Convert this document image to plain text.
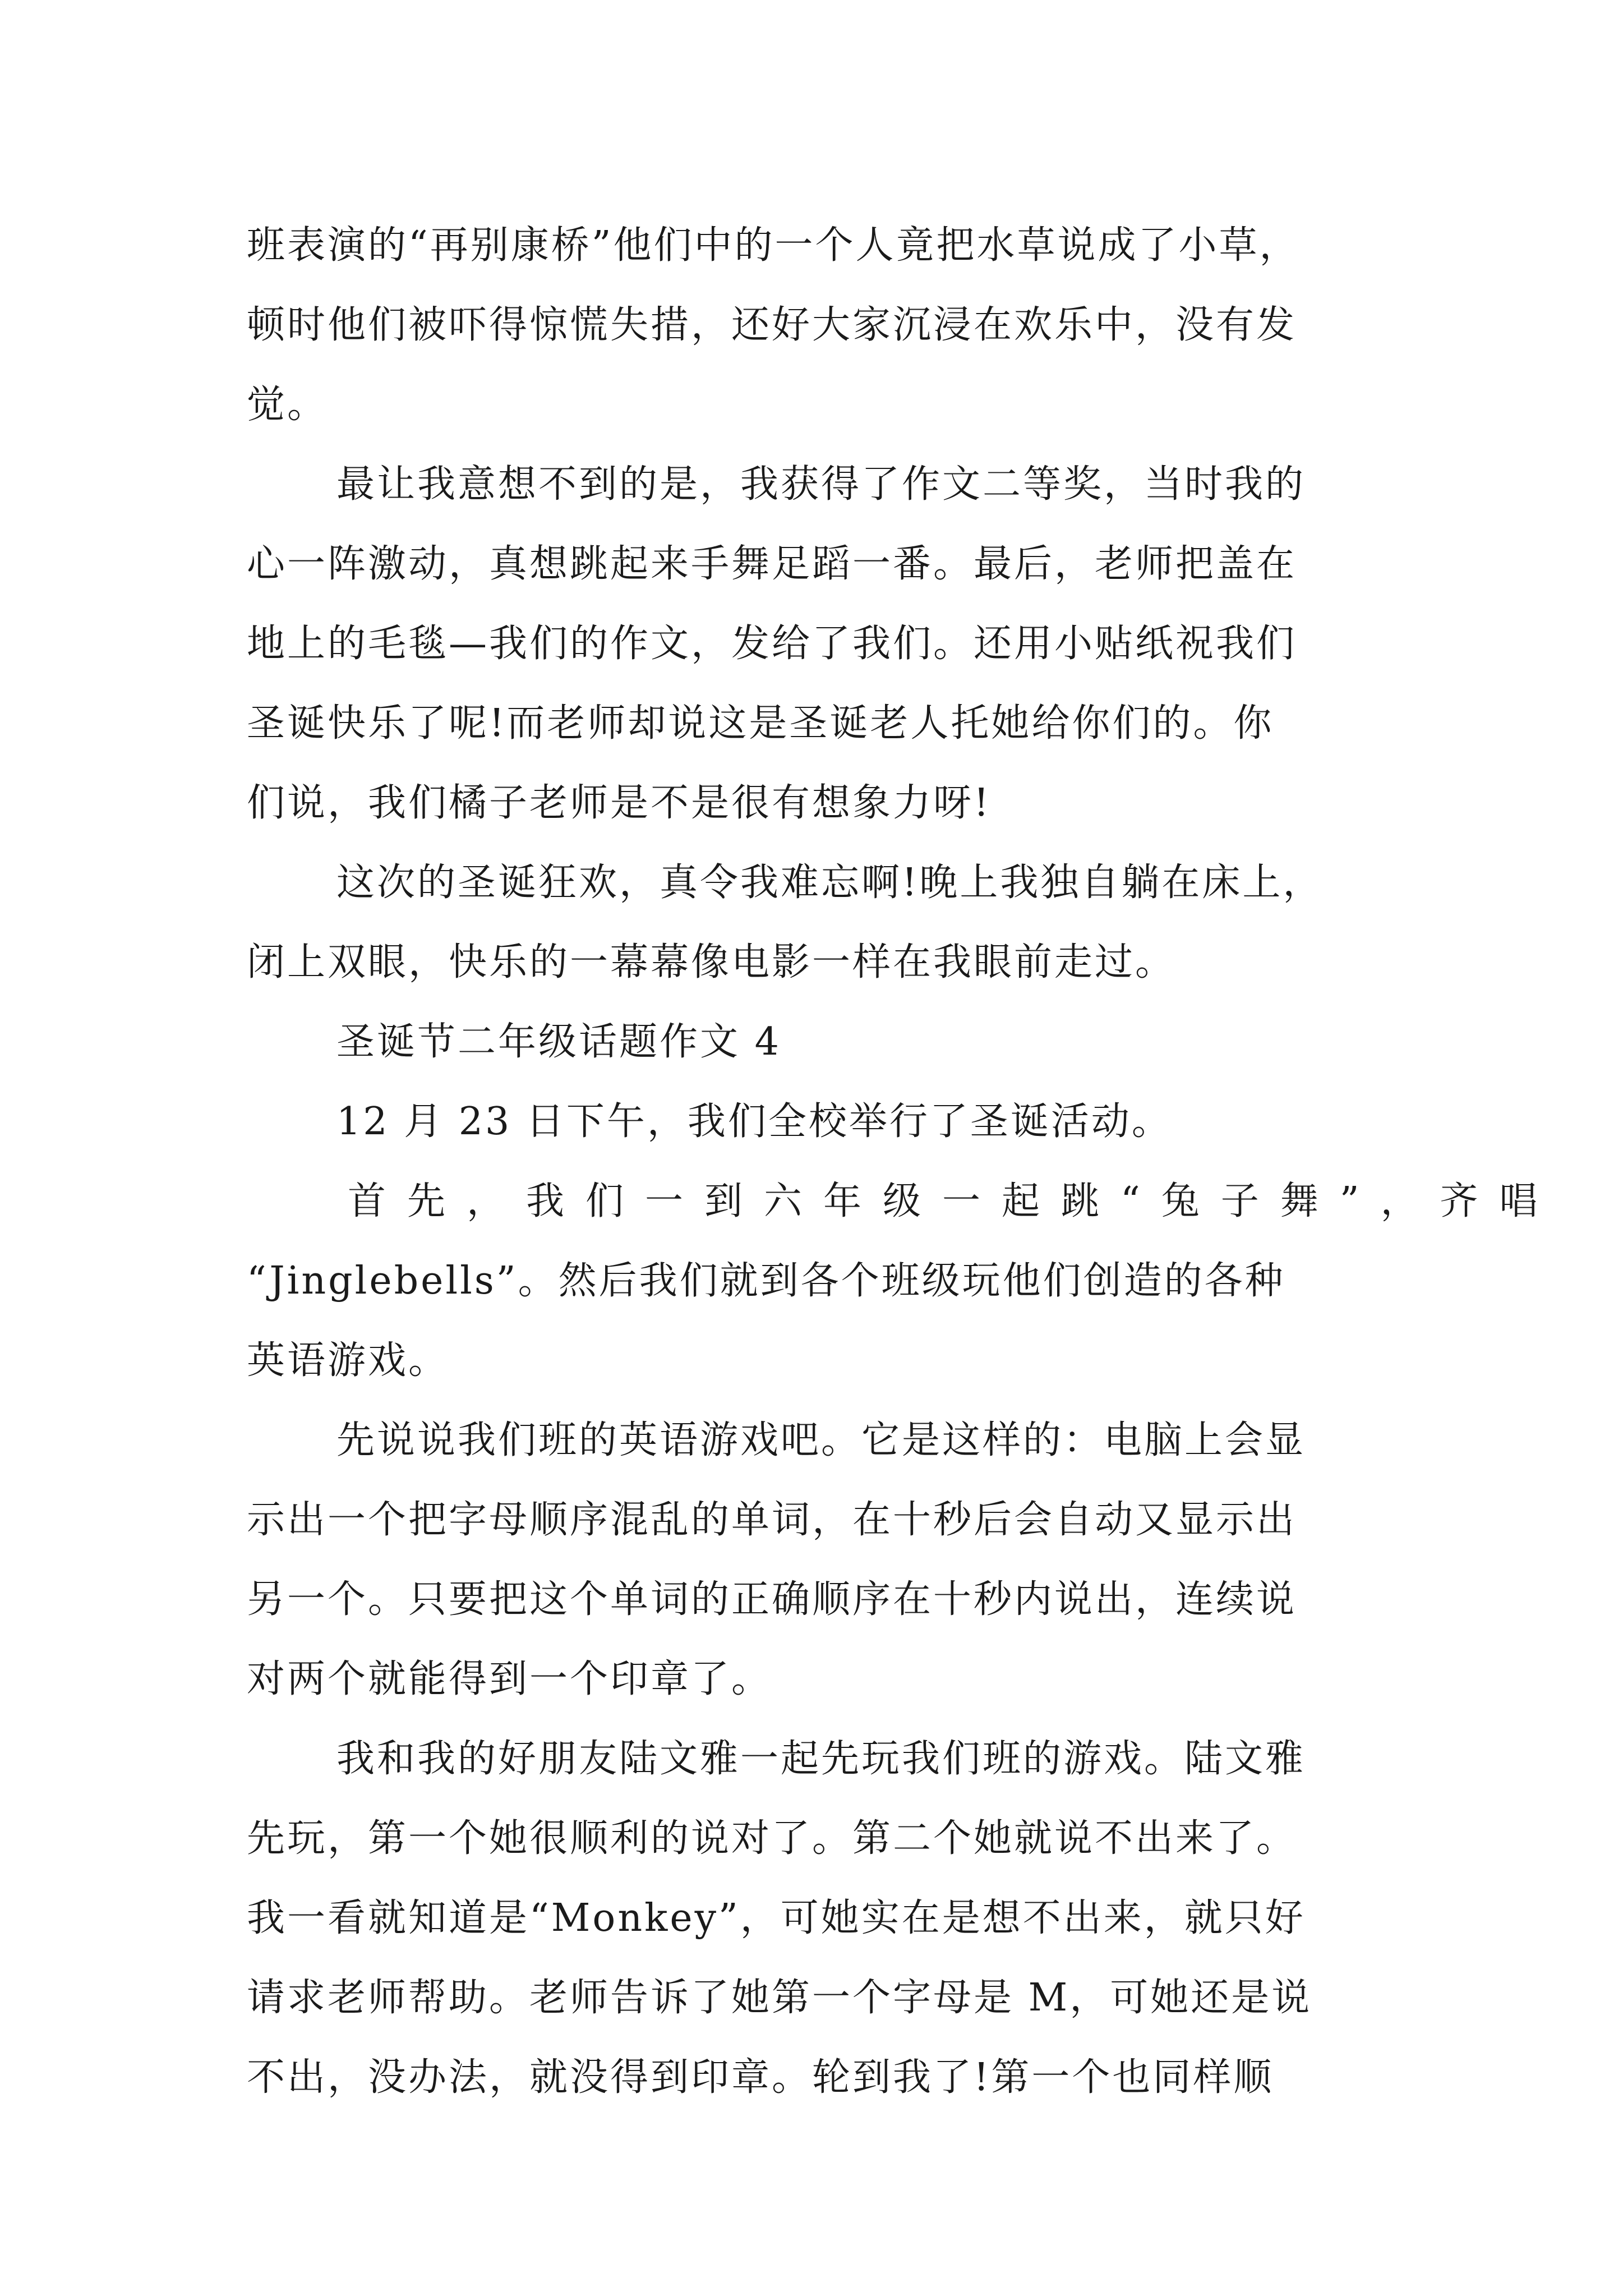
班表演的“再别康桥”他们中的一个人竟把水草说成了小草，
顿时他们被吓得惊慌失措，还好大家沉浸在欢乐中，没有发
觉。
最让我意想不到的是，我获得了作文二等奖，当时我的
心一阵激动，真想跳起来手舞足蹈一番。最后，老师把盖在
地上的毛毯—我们的作文，发给了我们。还用小贴纸祝我们
圣诞快乐了呢!而老师却说这是圣诞老人托她给你们的。你
们说，我们橘子老师是不是很有想象力呀!
这次的圣诞狂欢，真令我难忘啊!晚上我独自躺在床上，
闭上双眼，快乐的一幕幕像电影一样在我眼前走过。
圣诞节二年级话题作文 4
12 月 23 日下午，我们全校举行了圣诞活动。
首先，我们一到六年级一起跳“兔子舞”，齐唱
“Jinglebells”。然后我们就到各个班级玩他们创造的各种
英语游戏。
先说说我们班的英语游戏吧。它是这样的：电脑上会显
示出一个把字母顺序混乱的单词，在十秒后会自动又显示出
另一个。只要把这个单词的正确顺序在十秒内说出，连续说
对两个就能得到一个印章了。
我和我的好朋友陆文雅一起先玩我们班的游戏。陆文雅
先玩，第一个她很顺利的说对了。第二个她就说不出来了。
我一看就知道是“Monkey”，可她实在是想不出来，就只好
请求老师帮助。老师告诉了她第一个字母是 M，可她还是说
不出，没办法，就没得到印章。轮到我了!第一个也同样顺
